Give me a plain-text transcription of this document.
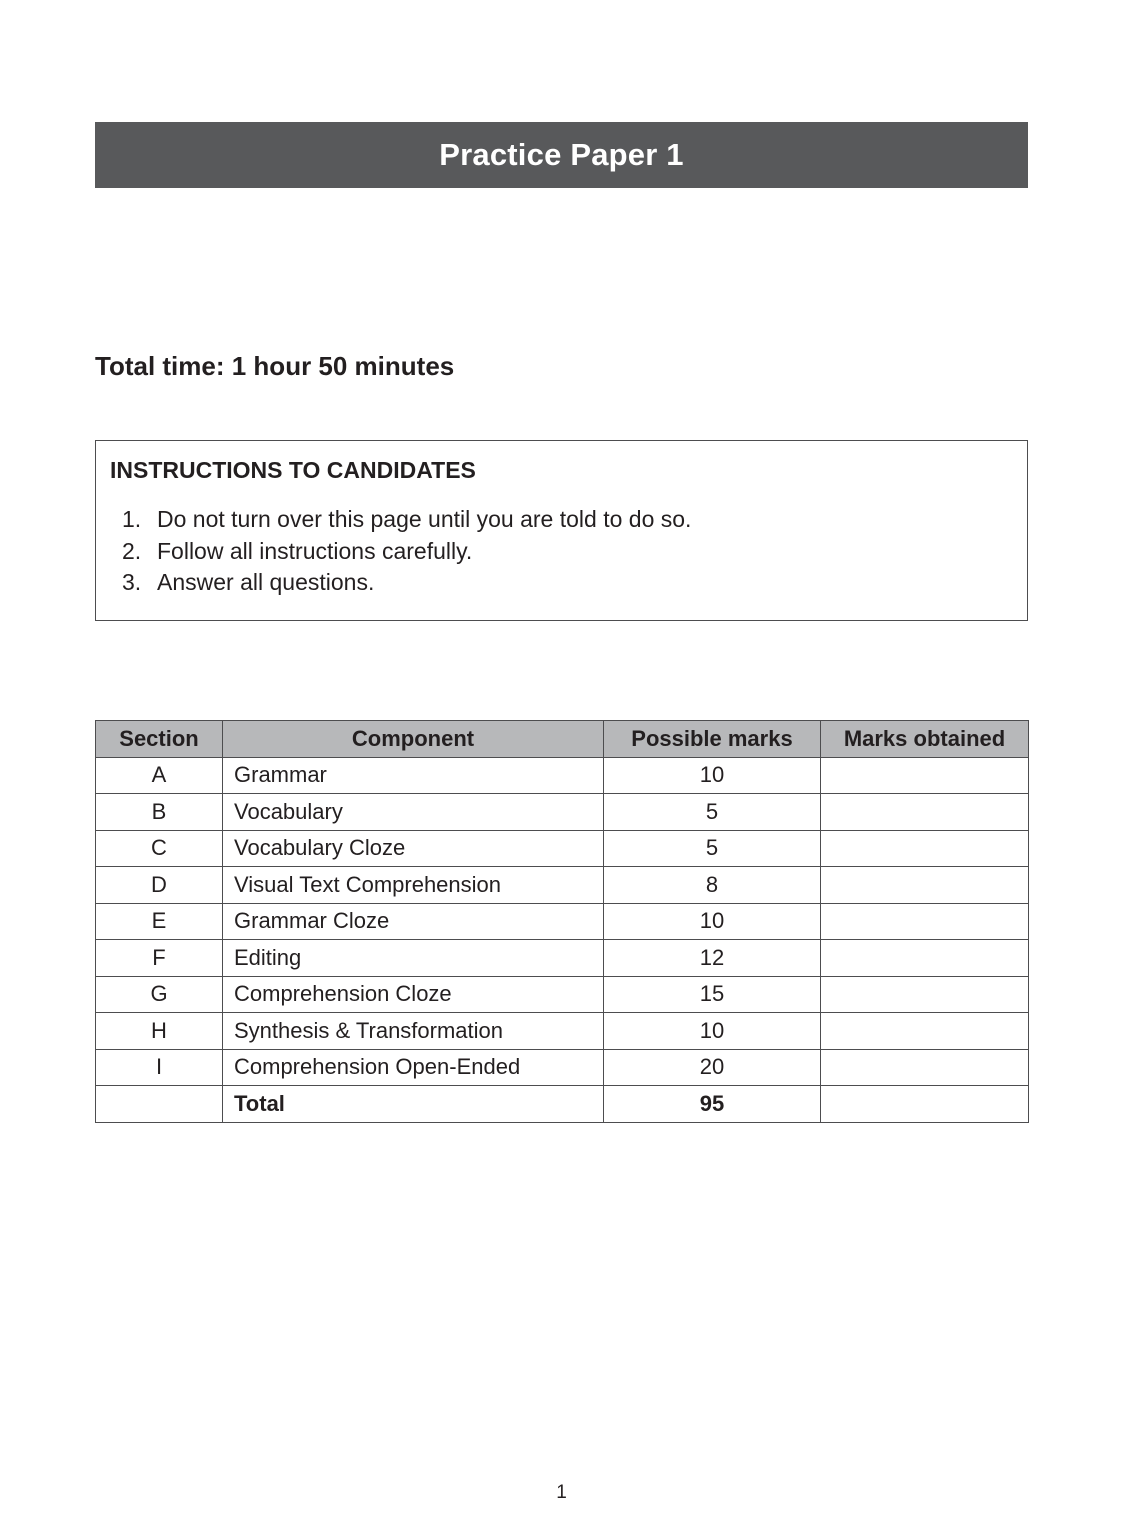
Practice Paper 1
Total time: 1 hour 50 minutes
INSTRUCTIONS TO CANDIDATES
1. Do not turn over this page until you are told to do so.
2. Follow all instructions carefully.
3. Answer all questions.
Section	Component	Possible marks	Marks obtained
A	Grammar	10	
B	Vocabulary	5	
C	Vocabulary Cloze	5	
D	Visual Text Comprehension	8	
E	Grammar Cloze	10	
F	Editing	12	
G	Comprehension Cloze	15	
H	Synthesis & Transformation	10	
I	Comprehension Open-Ended	20	
	Total	95	
1
